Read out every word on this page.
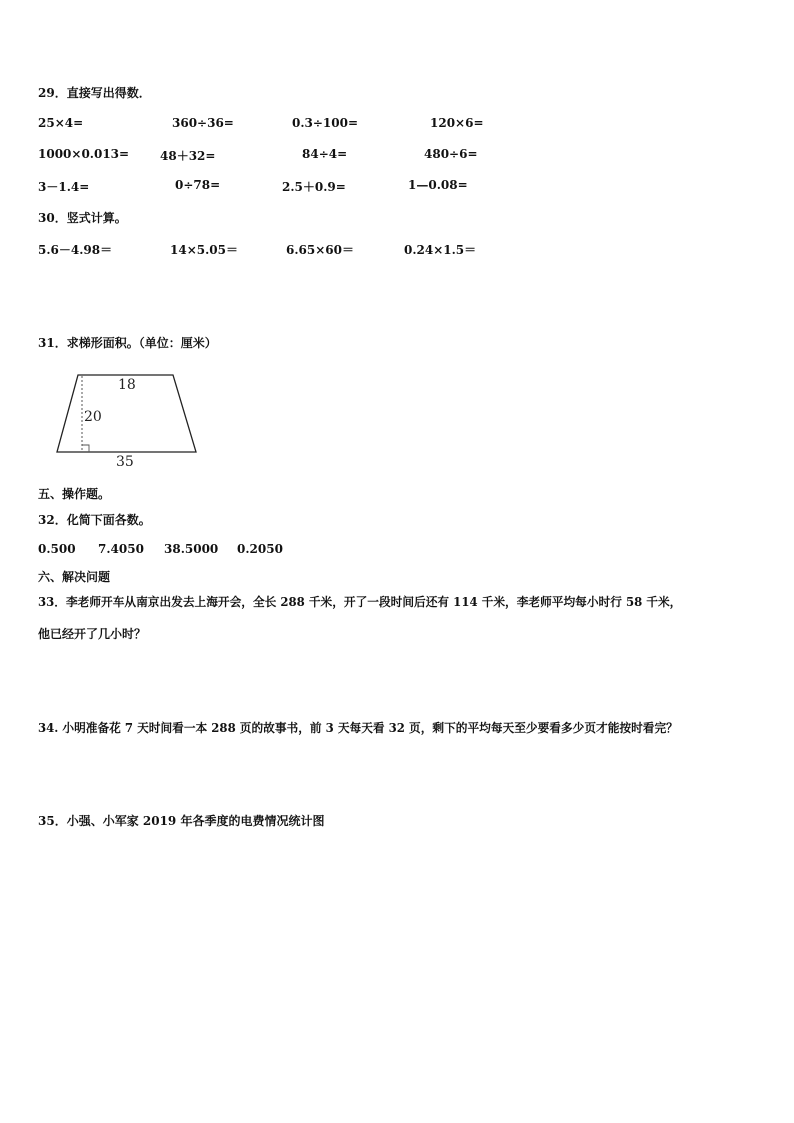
29．直接写出得数．
25×4=	360÷36=	0.3÷100=	120×6=
1000×0.013=	48＋32=	84÷4=	480÷6=
3－1.4=	0÷78=	2.5＋0.9=	1—0.08=
30．竖式计算。
5.6－4.98＝	14×5.05＝	6.65×60＝	0.24×1.5＝
31．求梯形面积。（单位：厘米）
18
20
35
五、操作题。
32．化简下面各数。
0.500 7.4050 38.5000 0.2050
六、解决问题
33．李老师开车从南京出发去上海开会，全长 288 千米，开了一段时间后还有 114 千米，李老师平均每小时行 58 千米，
他已经开了几小时？
34. 小明准备花 7 天时间看一本 288 页的故事书，前 3 天每天看 32 页，剩下的平均每天至少要看多少页才能按时看完？
35．小强、小军家 2019 年各季度的电费情况统计图
